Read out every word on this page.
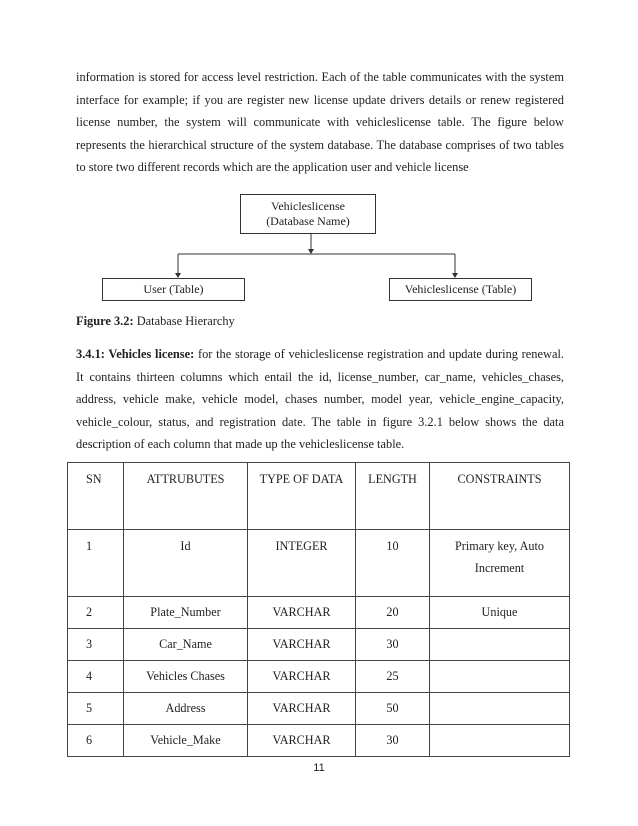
information is stored for access level restriction. Each of the table communicates with the system
interface for example; if you are register new license update drivers details or renew registered
license number, the system will communicate with vehicleslicense table. The figure below
represents the hierarchical structure of the system database. The database comprises of two tables
to store two different records which are the application user and vehicle license
Vehicleslicense
(Database Name)
User (Table)	Vehicleslicense (Table)
Figure 3.2: Database Hierarchy
3.4.1: Vehicles license: for the storage of vehicleslicense registration and update during renewal.
It contains thirteen columns which entail the id, license_number, car_name, vehicles_chases,
address, vehicle make, vehicle model, chases number, model year, vehicle_engine_capacity,
vehicle_colour, status, and registration date. The table in figure 3.2.1 below shows the data
description of each column that made up the vehicleslicense table.
SN	ATTRUBUTES	TYPE OF DATA	LENGTH	CONSTRAINTS
1	Id	INTEGER	10	Primary key, Auto Increment
2	Plate_Number	VARCHAR	20	Unique
3	Car_Name	VARCHAR	30	
4	Vehicles Chases	VARCHAR	25	
5	Address	VARCHAR	50	
6	Vehicle_Make	VARCHAR	30	
11
